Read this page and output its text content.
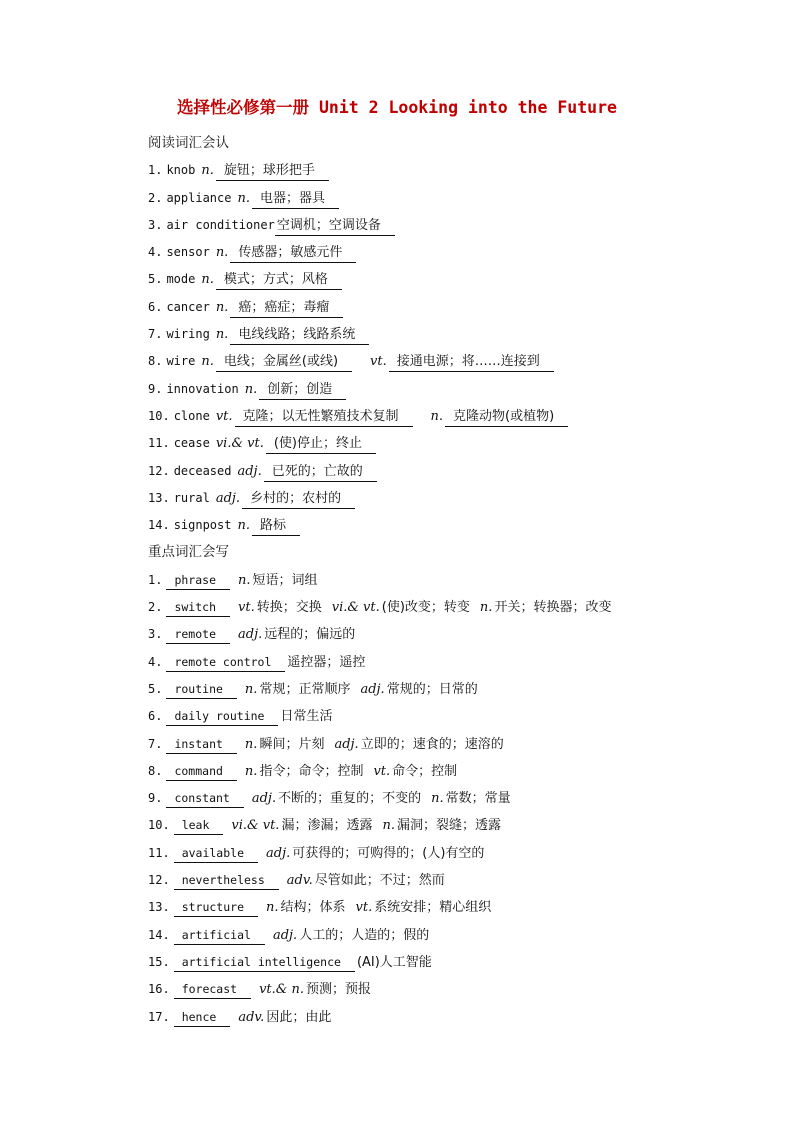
选择性必修第一册 Unit 2 Looking into the Future
阅读词汇会认
1. knob n. 旋钮；球形把手
2. appliance n. 电器；器具
3. air conditioner 空调机；空调设备
4. sensor n. 传感器；敏感元件
5. mode n. 模式；方式；风格
6. cancer n. 癌；癌症；毒瘤
7. wiring n. 电线线路；线路系统
8. wire n. 电线；金属丝(或线) vt. 接通电源；将……连接到
9. innovation n. 创新；创造
10. clone vt. 克隆；以无性繁殖技术复制 n. 克隆动物(或植物)
11. cease vi.& vt. (使)停止；终止
12. deceased adj. 已死的；亡故的
13. rural adj. 乡村的；农村的
14. signpost n. 路标
重点词汇会写
1. phrase n. 短语；词组
2. switch vt. 转换；交换 vi.& vt. (使)改变；转变 n. 开关；转换器；改变
3. remote adj. 远程的；偏远的
4. remote control 遥控器；遥控
5. routine n. 常规；正常顺序 adj. 常规的；日常的
6. daily routine 日常生活
7. instant n. 瞬间；片刻 adj. 立即的；速食的；速溶的
8. command n. 指令；命令；控制 vt. 命令；控制
9. constant adj. 不断的；重复的；不变的 n. 常数；常量
10. leak vi.& vt. 漏；渗漏；透露 n. 漏洞；裂缝；透露
11. available adj. 可获得的；可购得的；(人)有空的
12. nevertheless adv. 尽管如此；不过；然而
13. structure n. 结构；体系 vt. 系统安排；精心组织
14. artificial adj. 人工的；人造的；假的
15. artificial intelligence (AI)人工智能
16. forecast vt.& n. 预测；预报
17. hence adv. 因此；由此
